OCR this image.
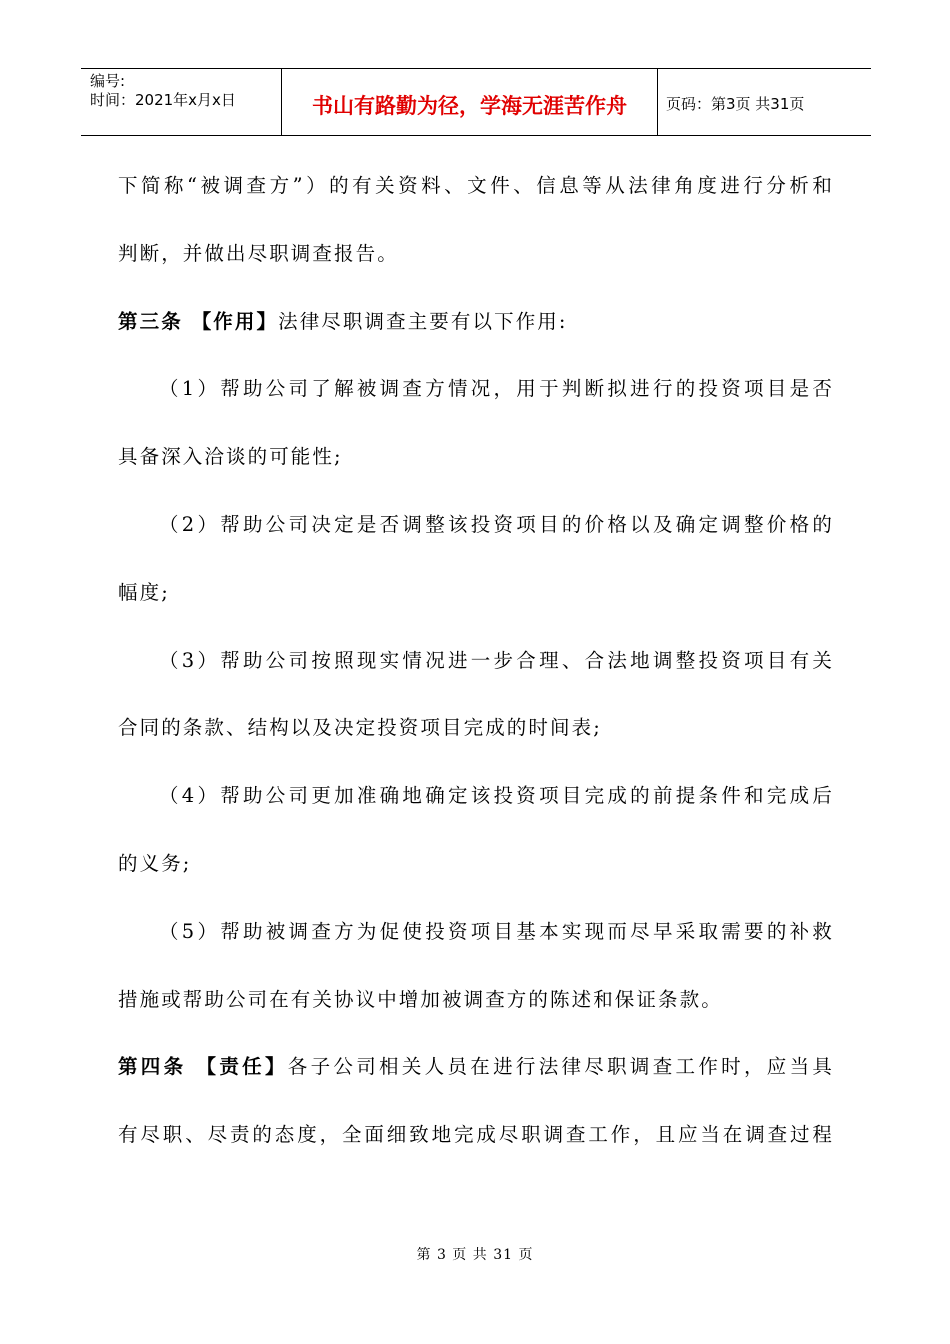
编号:
时间：2021年x月x日	书山有路勤为径，学海无涯苦作舟	页码：第3页 共31页
下简称“被调查方”）的有关资料、文件、信息等从法律角度进行分析和
判断，并做出尽职调查报告。
第三条 【作用】法律尽职调查主要有以下作用:
（1）帮助公司了解被调查方情况，用于判断拟进行的投资项目是否
具备深入洽谈的可能性;
（2）帮助公司决定是否调整该投资项目的价格以及确定调整价格的
幅度;
（3）帮助公司按照现实情况进一步合理、合法地调整投资项目有关
合同的条款、结构以及决定投资项目完成的时间表;
（4）帮助公司更加准确地确定该投资项目完成的前提条件和完成后
的义务;
（5）帮助被调查方为促使投资项目基本实现而尽早采取需要的补救
措施或帮助公司在有关协议中增加被调查方的陈述和保证条款。
第四条 【责任】各子公司相关人员在进行法律尽职调查工作时，应当具
有尽职、尽责的态度，全面细致地完成尽职调查工作，且应当在调查过程
第 3 页 共 31 页
